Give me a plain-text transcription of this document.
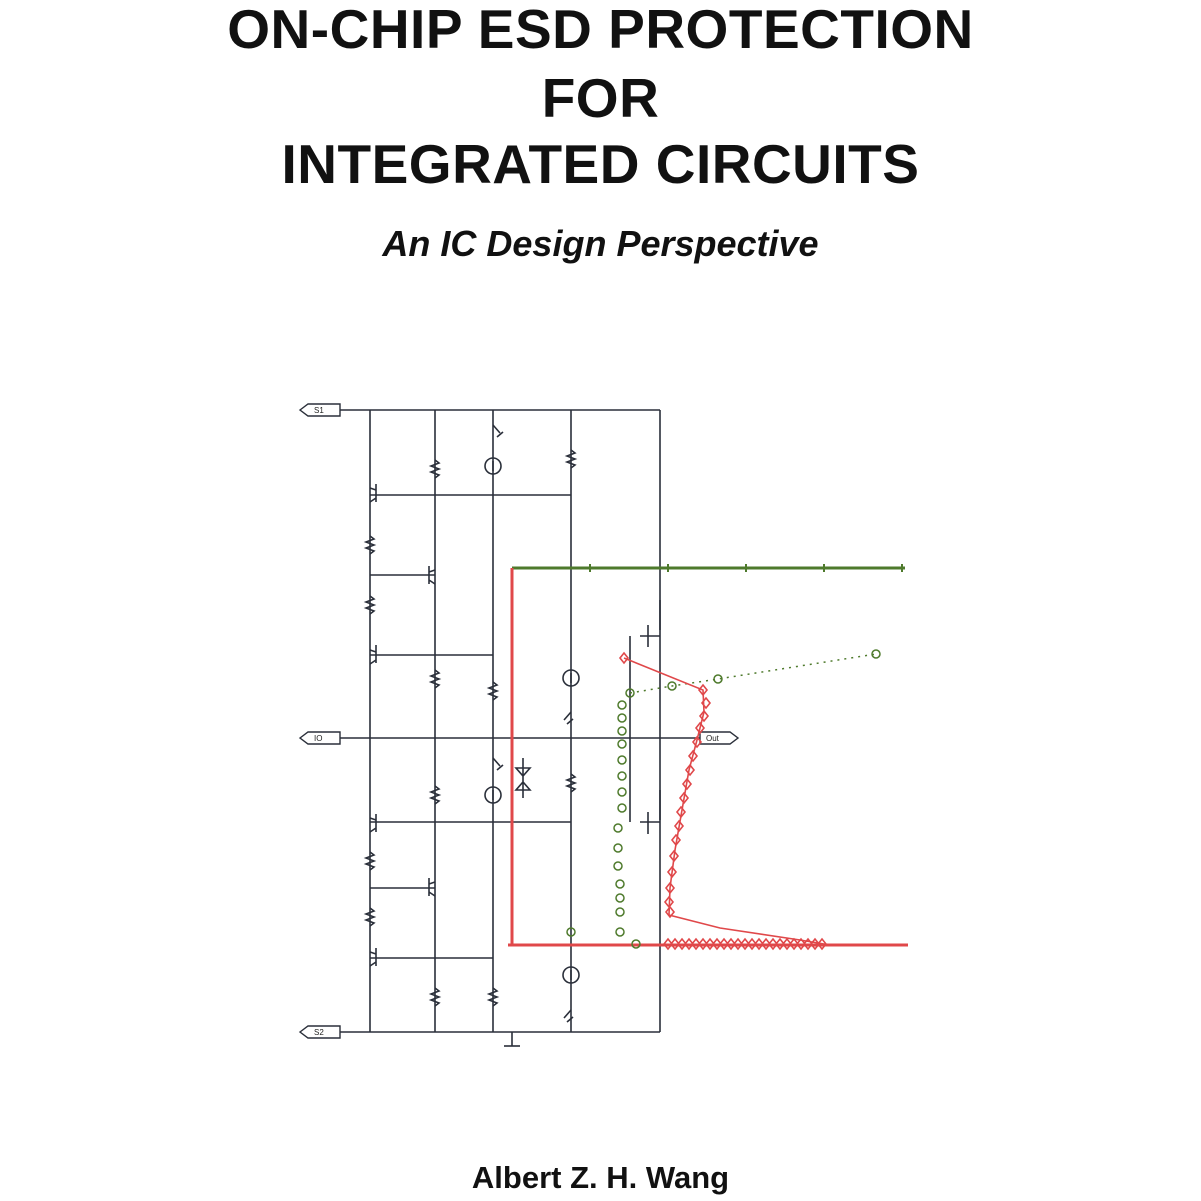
ON-CHIP ESD PROTECTION
FOR
INTEGRATED CIRCUITS
An IC Design Perspective
S1
IO
S2
Out
Albert Z. H. Wang
